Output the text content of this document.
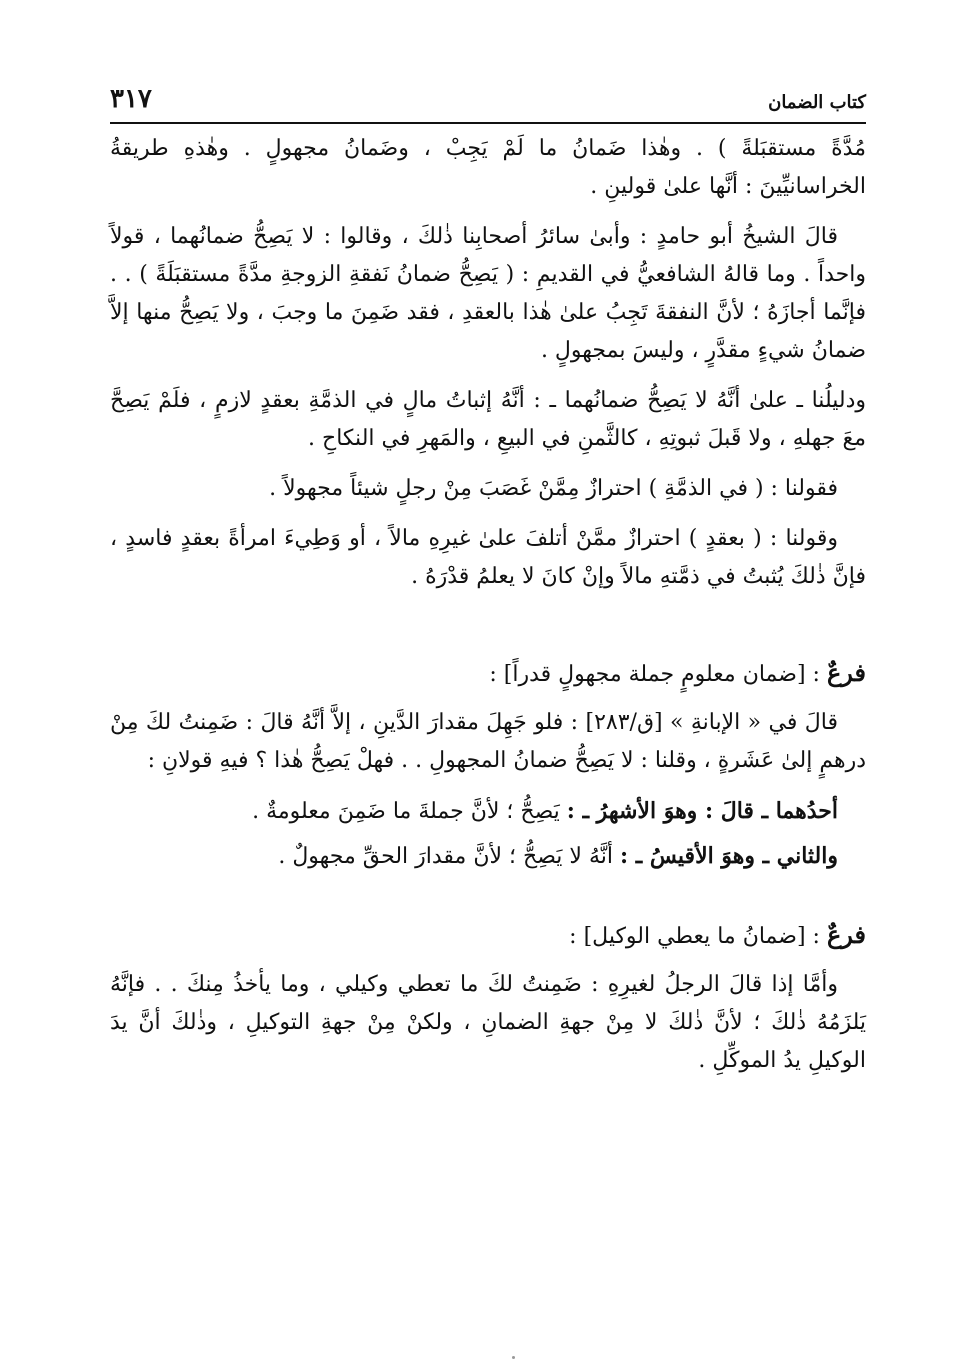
كتاب الضمان
٣١٧

مُدَّةً مستقبَلةً ) . وهٰذا ضَمانُ ما لَمْ يَجِبْ ، وضَمانُ مجهولٍ . وهٰذهِ طريقةُ الخراسانيِّينَ : أنَّها علىٰ قولينِ .

قالَ الشيخُ أبو حامدٍ : وأبىٰ سائرُ أصحابِنا ذٰلكَ ، وقالوا : لا يَصِحُّ ضمانُهما ، قولاً واحداً . وما قالهُ الشافعيُّ في القديمِ : ( يَصِحُّ ضمانُ نَفقةِ الزوجةِ مدَّةً مستقبَلَةً ) . . فإنَّما أجازَهُ ؛ لأنَّ النفقةَ تَجِبُ علىٰ هٰذا بالعقدِ ، فقد ضَمِنَ ما وجبَ ، ولا يَصِحُّ منها إلاَّ ضمانُ شيءٍ مقدَّرٍ ، وليسَ بمجهولٍ .

ودليلُنا ـ علىٰ أنَّهُ لا يَصِحُّ ضمانُهما ـ : أنَّهُ إثباتُ مالٍ في الذمَّةِ بعقدٍ لازمٍ ، فلَمْ يَصِحَّ معَ جهلهِ ، ولا قَبلَ ثبوتِهِ ، كالثَّمنِ في البيعِ ، والمَهرِ في النكاحِ .

فقولنا : ( في الذمَّةِ ) احترازٌ مِمَّنْ غَصَبَ مِنْ رجلٍ شيئاً مجهولاً .

وقولنا : ( بعقدٍ ) احترازٌ ممَّنْ أتلفَ علىٰ غيرِهِ مالاً ، أو وَطِيءَ امرأةً بعقدٍ فاسدٍ ، فإنَّ ذٰلكَ يُثبتُ في ذمَّتهِ مالاً وإنْ كانَ لا يعلمُ قدْرَهُ .

فرعٌ : [ضمان معلومٍ جملة مجهولٍ قدراً] :

قالَ في « الإبانةِ » [ق/٢٨٣] : فلو جَهِلَ مقدارَ الدَّينِ ، إلاَّ أنَّهُ قالَ : ضَمِنتُ لكَ مِنْ درهمٍ إلىٰ عَشَرةٍ ، وقلنا : لا يَصِحُّ ضمانُ المجهولِ . . فهلْ يَصِحُّ هٰذا ؟ فيهِ قولانِ :

أحدُهما ـ قالَ : وهوَ الأشهرُ ـ : يَصِحُّ ؛ لأنَّ جملةَ ما ضَمِنَ معلومةٌ .

والثاني ـ وهوَ الأقيسُ ـ : أنَّهُ لا يَصِحُّ ؛ لأنَّ مقدارَ الحقِّ مجهولٌ .

فرعٌ : [ضمانُ ما يعطي الوكيل] :

وأمَّا إذا قالَ الرجلُ لغيرِهِ : ضَمِنتُ لكَ ما تعطي وكيلي ، وما يأخذُ مِنكَ . . فإنَّهُ يَلزَمُهُ ذٰلكَ ؛ لأنَّ ذٰلكَ لا مِنْ جهةِ الضمانِ ، ولكنْ مِنْ جهةِ التوكيلِ ، وذٰلكَ أنَّ يدَ الوكيلِ يدُ الموكِّلِ .
